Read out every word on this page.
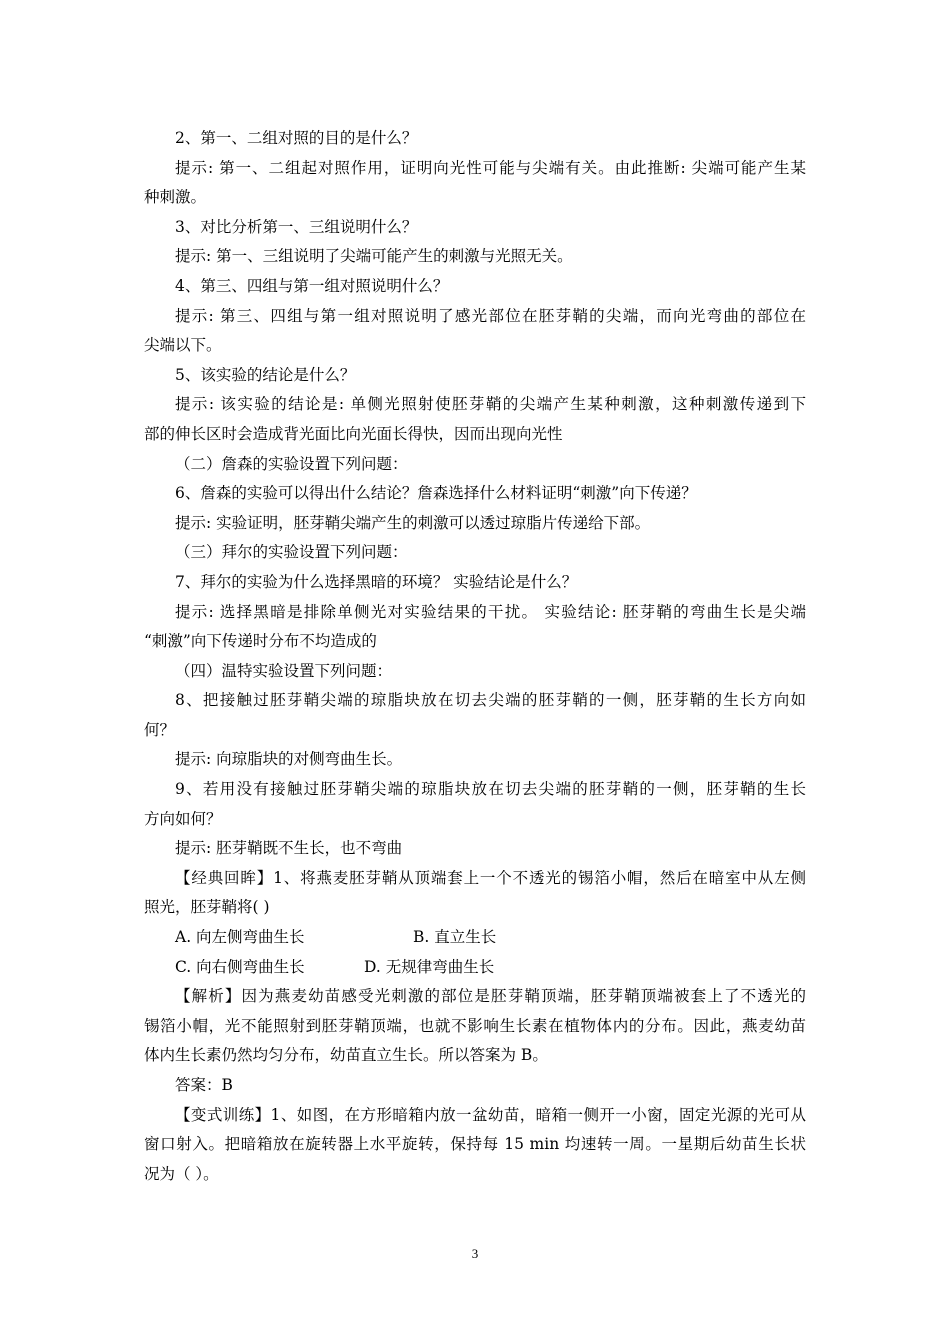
2、第一、二组对照的目的是什么？
提示: 第一、二组起对照作用，证明向光性可能与尖端有关。由此推断: 尖端可能产生某
种刺激。
3、对比分析第一、三组说明什么？
提示: 第一、三组说明了尖端可能产生的刺激与光照无关。
4、第三、四组与第一组对照说明什么？
提示: 第三、四组与第一组对照说明了感光部位在胚芽鞘的尖端，而向光弯曲的部位在
尖端以下。
5、该实验的结论是什么？
提示: 该实验的结论是: 单侧光照射使胚芽鞘的尖端产生某种刺激，这种刺激传递到下
部的伸长区时会造成背光面比向光面长得快，因而出现向光性
（二）詹森的实验设置下列问题：
6、詹森的实验可以得出什么结论？詹森选择什么材料证明“刺激”向下传递？
提示: 实验证明，胚芽鞘尖端产生的刺激可以透过琼脂片传递给下部。
（三）拜尔的实验设置下列问题：
7、拜尔的实验为什么选择黑暗的环境？ 实验结论是什么？
提示: 选择黑暗是排除单侧光对实验结果的干扰。 实验结论: 胚芽鞘的弯曲生长是尖端
“刺激”向下传递时分布不均造成的
（四）温特实验设置下列问题：
8、把接触过胚芽鞘尖端的琼脂块放在切去尖端的胚芽鞘的一侧，胚芽鞘的生长方向如
何？
提示: 向琼脂块的对侧弯曲生长。
9、若用没有接触过胚芽鞘尖端的琼脂块放在切去尖端的胚芽鞘的一侧，胚芽鞘的生长
方向如何？
提示: 胚芽鞘既不生长，也不弯曲
【经典回眸】1、将燕麦胚芽鞘从顶端套上一个不透光的锡箔小帽，然后在暗室中从左侧
照光，胚芽鞘将( )
A. 向左侧弯曲生长	B. 直立生长
C. 向右侧弯曲生长	D. 无规律弯曲生长
【解析】因为燕麦幼苗感受光刺激的部位是胚芽鞘顶端，胚芽鞘顶端被套上了不透光的
锡箔小帽，光不能照射到胚芽鞘顶端，也就不影响生长素在植物体内的分布。因此，燕麦幼苗
体内生长素仍然均匀分布，幼苗直立生长。所以答案为 B。
答案：B
【变式训练】1、如图，在方形暗箱内放一盆幼苗，暗箱一侧开一小窗，固定光源的光可从
窗口射入。把暗箱放在旋转器上水平旋转，保持每 15 min 均速转一周。一星期后幼苗生长状
况为（ ）。
3
